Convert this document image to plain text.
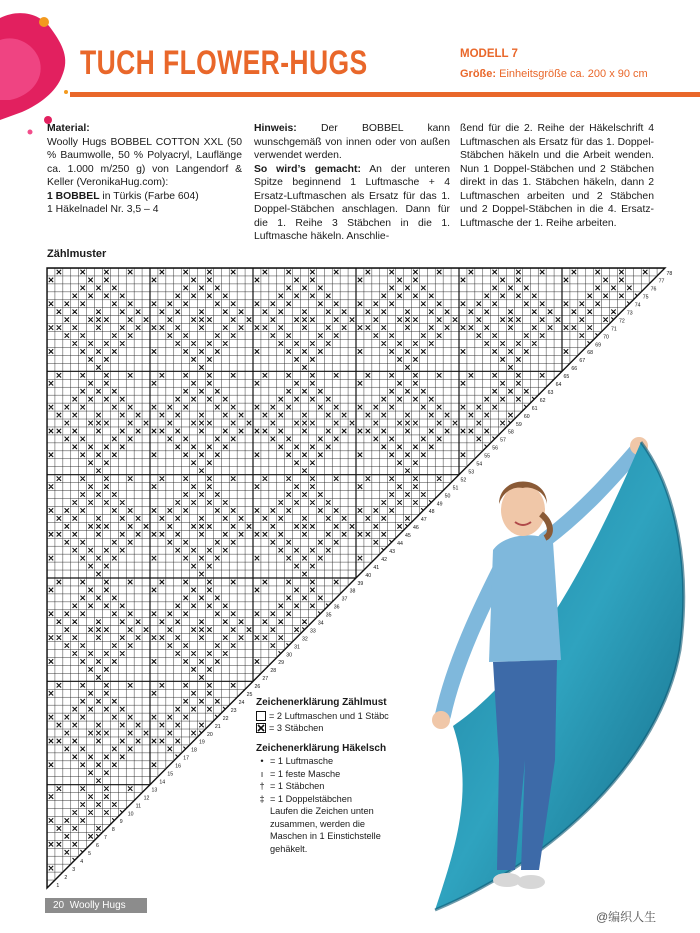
TUCH FLOWER-HUGS	MODELL 7
Größe: Einheitsgröße ca. 200 x 90 cm

Material:

Woolly Hugs BOBBEL COTTON XXL (50 % Baumwolle, 50 % Polyacryl, Lauflänge ca. 1.000 m/250 g) von Langendorf & Keller (VeronikaHug.com):

1 BOBBEL in Türkis (Farbe 604)

1 Häkelnadel Nr. 3,5 – 4

Hinweis: Der BOBBEL kann wunschgemäß von innen oder von außen verwendet werden.

So wird’s gemacht: An der unteren Spitze beginnend 1 Luftmasche + 4 Ersatz-Luftmaschen als Ersatz für das 1. Doppel-Stäbchen anschlagen. Dann für die 1. Reihe 3 Stäbchen in die 1. Luftmasche häkeln. Anschlie-

ßend für die 2. Reihe der Häkelschrift 4 Luftmaschen als Ersatz für das 1. Doppel-Stäbchen häkeln und die Arbeit wenden. Nun 1 Doppel-Stäbchen und 2 Stäbchen direkt in das 1. Stäbchen häkeln, dann 2 Luftmaschen arbeiten und 2 Stäbchen und 2 Doppel-Stäbchen in die 4. Ersatz-Luftmasche der 1. Reihe arbeiten.

Zählmuster
1
2
3
4
5
6
7
8
9
10
11
12
13
14
15
16
17
18
19
20
21
22
23
24
25
26
27
28
29
30
31
32
33
34
35
36
37
38
39
40
41
42
43
44
45
46
47
48
49
50
51
52
53
54
55
56
57
58
59
60
61
62
63
64
65
66
67
68
69
70
71
72
73
74
75
76
77
78
Zeichenerklärung Zählmust
= 2 Luftmaschen und 1 Stäbc
= 3 Stäbchen
Zeichenerklärung Häkelsch
• = 1 Luftmasche
ı = 1 feste Masche
† = 1 Stäbchen
‡ = 1 Doppelstäbchen
Laufen die Zeichen unten zusammen, werden die Maschen in 1 Einstichstelle gehäkelt.
20 Woolly Hugs
@编织人生
